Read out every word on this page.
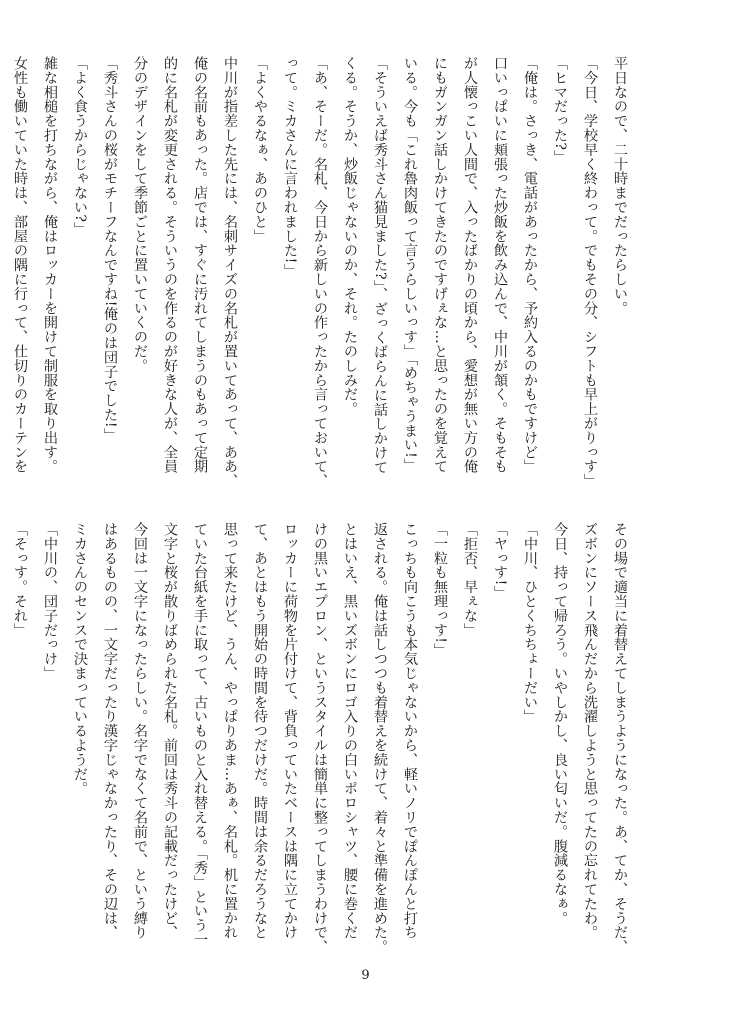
平日なので、二十時までだったらしい。
「今日、学校早く終わって。でもその分、シフトも早上がりっす」
「ヒマだった?」
「俺は。さっき、電話があったから、予約入るのかもですけど」
口いっぱいに頬張った炒飯を飲み込んで、中川が頷く。そもそも
が人懐っこい人間で、入ったばかりの頃から、愛想が無い方の俺
にもガンガン話しかけてきたのですげぇな…と思ったのを覚えて
いる。今も「これ魯肉飯って言うらしいっす」「めちゃうまい!」
「そういえば秀斗さん猫見ました?」、ざっくばらんに話しかけて
くる。そうか、炒飯じゃないのか、それ。たのしみだ。
「あ、そーだ。名札、今日から新しいの作ったから言っておいて、
って。ミカさんに言われました!」
「よくやるなぁ、あのひと」
中川が指差した先には、名刺サイズの名札が置いてあって、ああ、
俺の名前もあった。店では、すぐに汚れてしまうのもあって定期
的に名札が変更される。そういうのを作るのが好きな人が、全員
分のデザインをして季節ごとに置いていくのだ。
「秀斗さんの桜がモチーフなんですね!俺のは団子でした!」
「よく食うからじゃない?」
雑な相槌を打ちながら、俺はロッカーを開けて制服を取り出す。
女性も働いていた時は、部屋の隅に行って、仕切りのカーテンを
その場で適当に着替えてしまうようになった。あ、てか、そうだ、
ズボンにソース飛んだから洗濯しようと思ってたの忘れてたわ。
今日、持って帰ろう。いやしかし、良い匂いだ。腹減るなぁ。
「中川、ひとくちちょーだい」
「ヤっす!」
「拒否、早ぇな」
「一粒も無理っす!」
こっちも向こうも本気じゃないから、軽いノリでぽんぽんと打ち
返される。俺は話しつつも着替えを続けて、着々と準備を進めた。
とはいえ、黒いズボンにロゴ入りの白いポロシャツ、腰に巻くだ
けの黒いエプロン、というスタイルは簡単に整ってしまうわけで、
ロッカーに荷物を片付けて、背負っていたベースは隅に立てかけ
て、あとはもう開始の時間を待つだけだ。時間は余るだろうなと
思って来たけど、うん、やっぱりあま…あぁ、名札。机に置かれ
ていた台紙を手に取って、古いものと入れ替える。「秀」という一
文字と桜が散りばめられた名札。前回は秀斗の記載だったけど、
今回は一文字になったらしい。名字でなくて名前で、という縛り
はあるものの、一文字だったり漢字じゃなかったり、その辺は、
ミカさんのセンスで決まっているようだ。
「中川の、団子だっけ」
「そっす。それ」
9
